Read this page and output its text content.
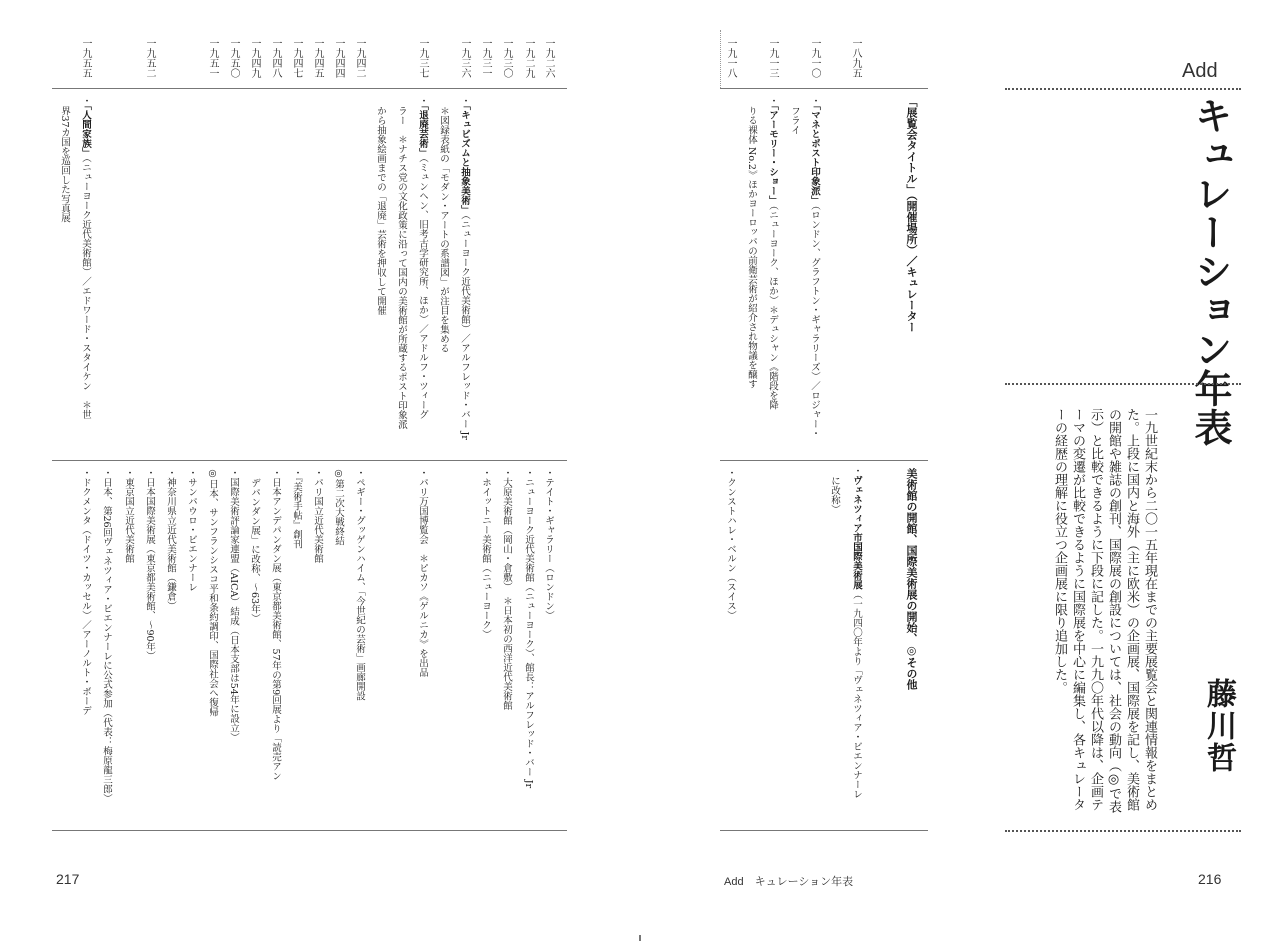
Add
キュレーション年表
一九世紀末から二〇一五年現在までの主要展覧会と関連情報をまとめた。上段に国内と海外（主に欧米）の企画展、国際展を記し、美術館の開館や雑誌の創刊、国際展の創設については、社会の動向（◎で表示）と比較できるように下段に記した。一九九〇年代以降は、企画テーマの変遷が比較できるように国際展を中心に編集し、各キュレーターの経歴の理解に役立つ企画展に限り追加した。
藤川哲
一八九五
一九一〇
一九一三
一九一八
「展覧会タイトル」（開催場所）／キュレーター
美術館の開館、国際美術展の開始、◎その他
・ヴェネツィア市国際美術展（一九四〇年より「ヴェネツィア・ビエンナーレ
に改称）
・「マネとポスト印象派」（ロンドン、グラフトン・ギャラリーズ）／ロジャー・
フライ
・「アーモリー・ショー」（ニューヨーク、ほか）＊デュシャン《階段を降
りる裸体 No.2》ほかヨーロッパの前衛芸術が紹介され物議を醸す
・クンストハレ・ベルン（スイス）
Add　キュレーション年表	216
一九二六
一九二九
一九三〇
一九三一
一九三六
一九三七
一九四二
一九四四
一九四五
一九四七
一九四八
一九四九
一九五〇
一九五一
一九五二
一九五五
・「キュビズムと抽象美術」（ニューヨーク近代美術館）／アルフレッド・バー Jr
＊図録表紙の「モダン・アートの系譜図」が注目を集める
・「退廃芸術」（ミュンヘン、旧考古学研究所、ほか）／アドルフ・ツィーグ
ラー　＊ナチス党の文化政策に沿って国内の美術館が所蔵するポスト印象派
から抽象絵画までの「退廃」芸術を押収して開催
・「人間家族」（ニューヨーク近代美術館）／エドワード・スタイケン　＊世
界37カ国を巡回した写真展
・テイト・ギャラリー（ロンドン）
・ニューヨーク近代美術館（ニューヨーク）、館長：アルフレッド・バー Jr
・大原美術館（岡山・倉敷）　＊日本初の西洋近代美術館
・ホイットニー美術館（ニューヨーク）
・パリ万国博覧会　＊ピカソ《ゲルニカ》を出品
・ペギー・グッゲンハイム、「今世紀の芸術」画廊開設
◎第二次大戦終結
・パリ国立近代美術館
・『美術手帖』創刊
・日本アンデパンダン展（東京都美術館、57年の第9回展より「読売アン
デパンダン展」に改称、～63年）
・国際美術評論家連盟（AICA）結成（日本支部は54年に設立）
◎日本、サンフランシスコ平和条約調印、国際社会へ復帰
・サンパウロ・ビエンナーレ
・神奈川県立近代美術館（鎌倉）
・日本国際美術展（東京都美術館、～90年）
・東京国立近代美術館
・日本、第26回ヴェネツィア・ビエンナーレに公式参加（代表：梅原龍三郎）
・ドクメンタ（ドイツ・カッセル）／アーノルト・ボーデ
217
